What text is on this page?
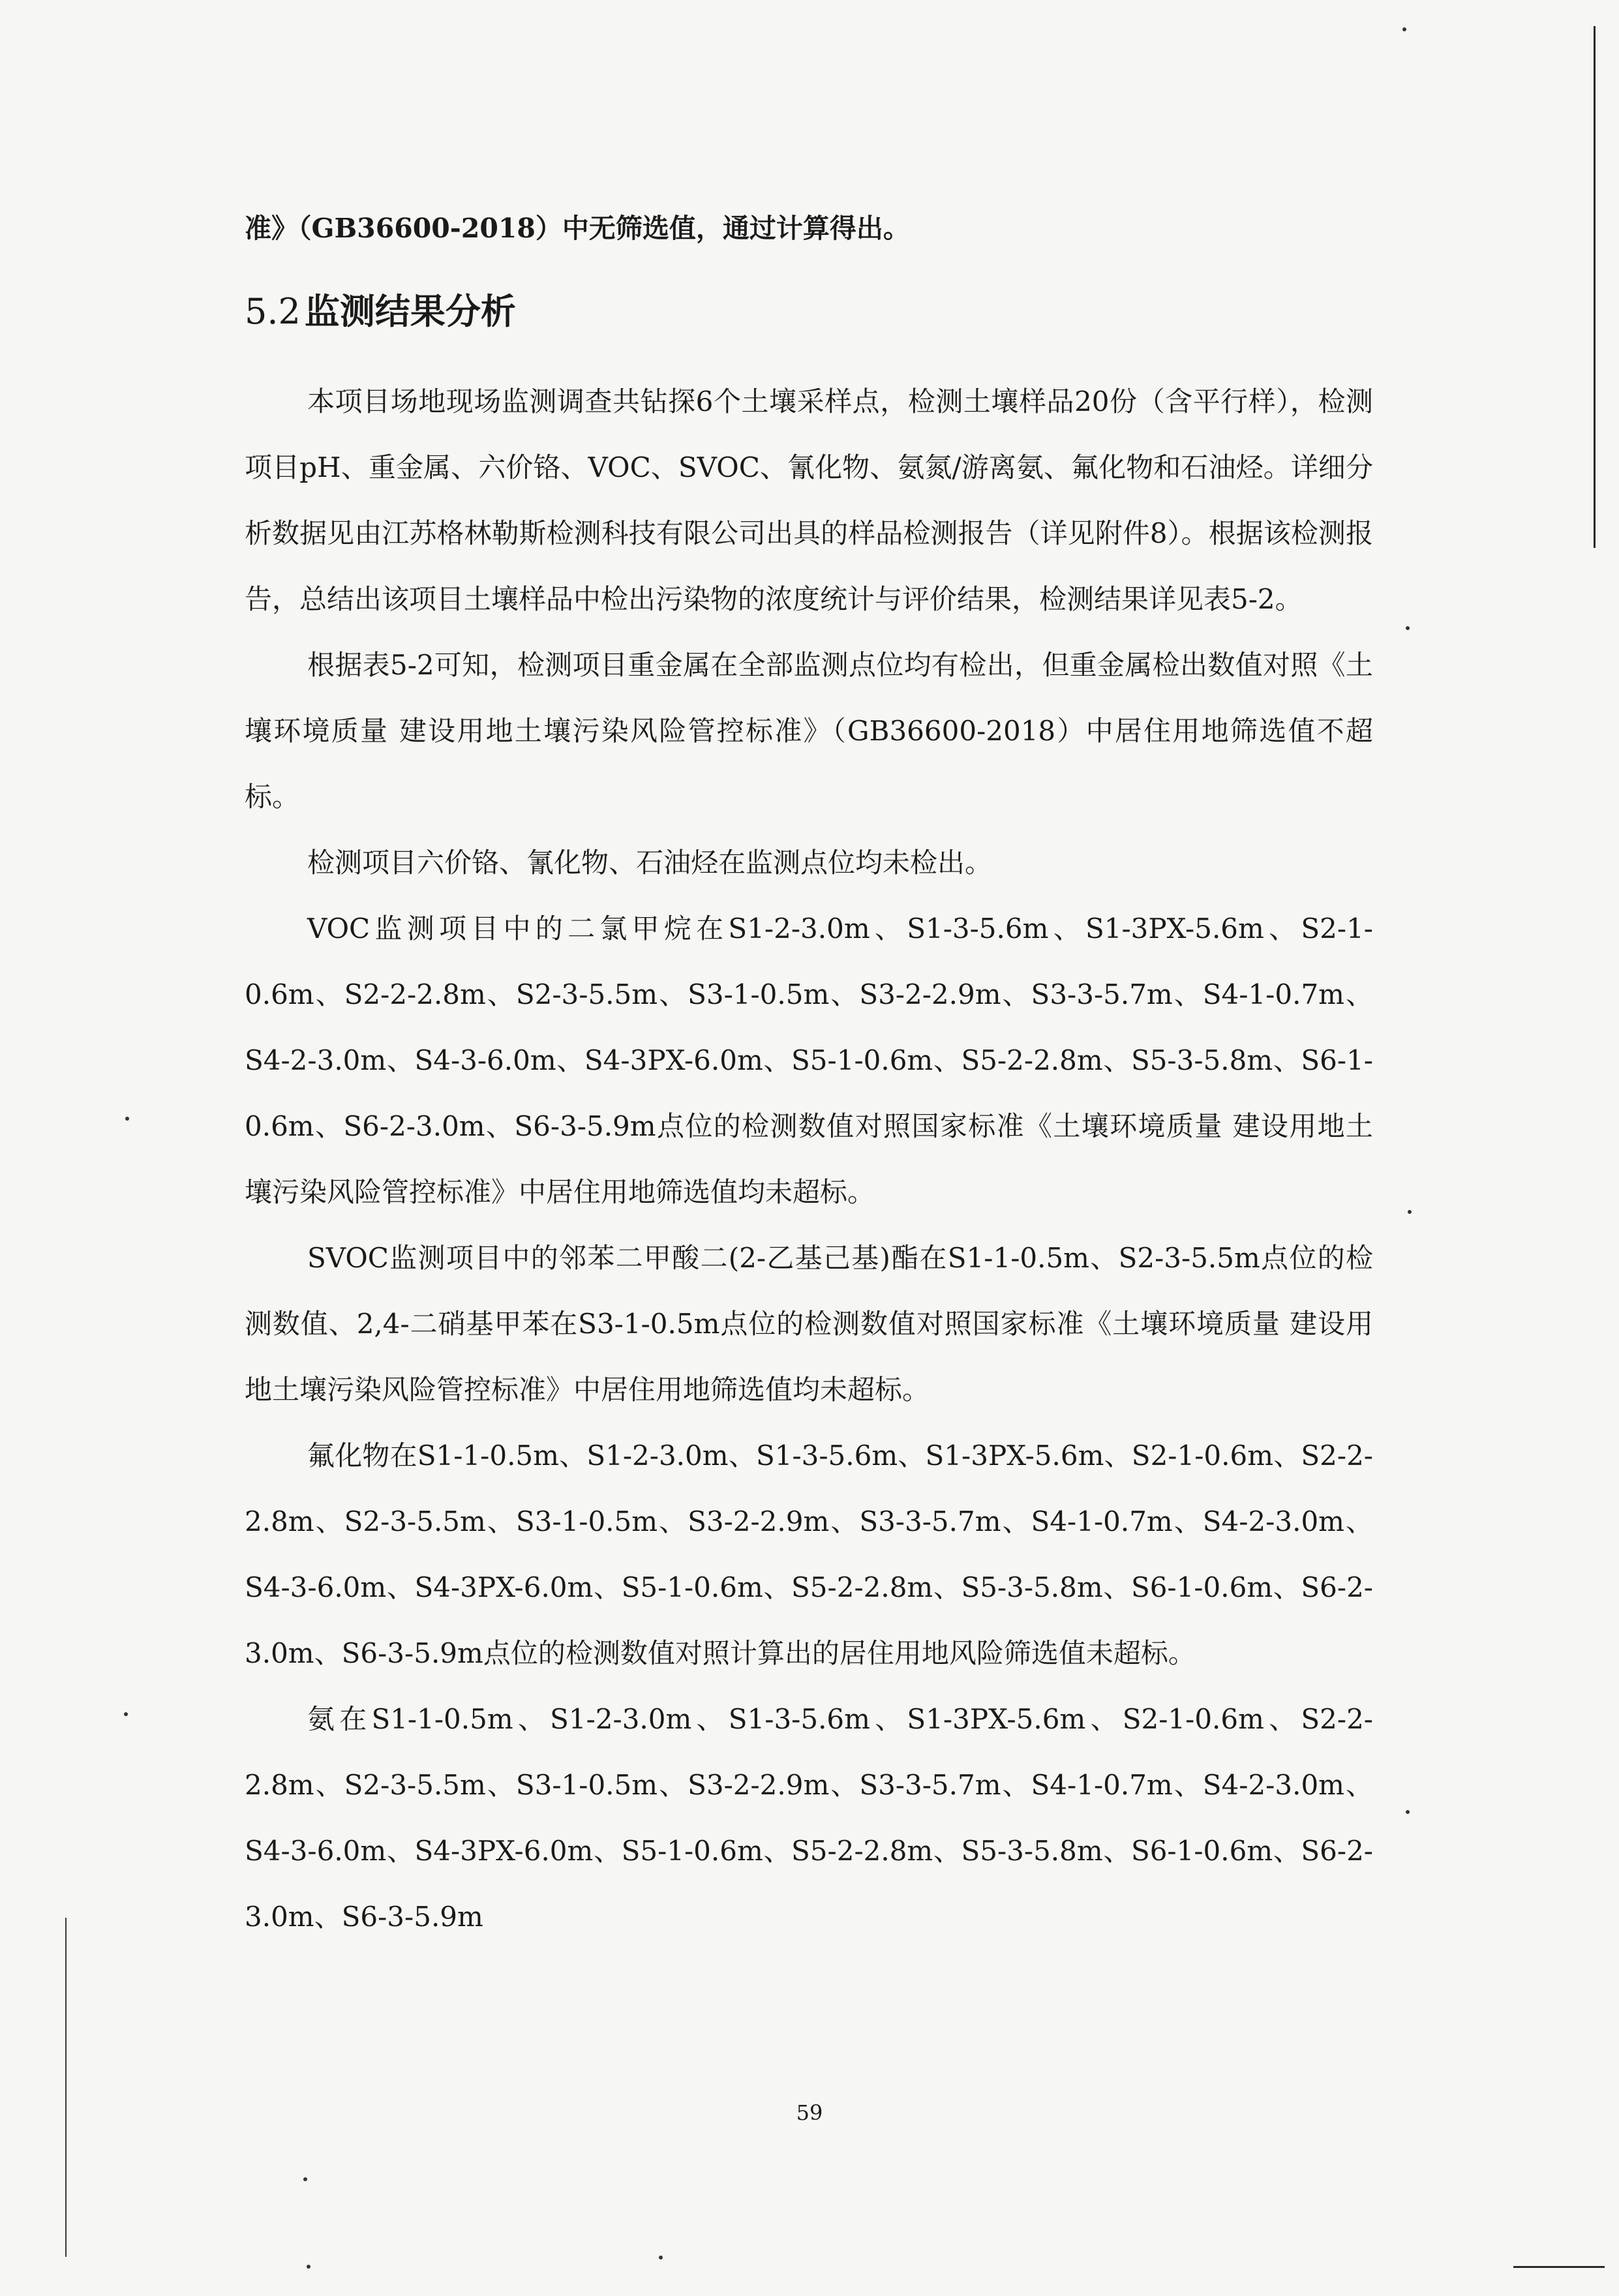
准》（GB36600-2018）中无筛选值，通过计算得出。

5.2 监测结果分析

本项目场地现场监测调查共钻探6个土壤采样点，检测土壤样品20份（含平行样），检测项目pH、重金属、六价铬、VOC、SVOC、氰化物、氨氮/游离氨、氟化物和石油烃。详细分析数据见由江苏格林勒斯检测科技有限公司出具的样品检测报告（详见附件8）。根据该检测报告，总结出该项目土壤样品中检出污染物的浓度统计与评价结果，检测结果详见表5-2。

根据表5-2可知，检测项目重金属在全部监测点位均有检出，但重金属检出数值对照《土壤环境质量 建设用地土壤污染风险管控标准》（GB36600-2018）中居住用地筛选值不超标。

检测项目六价铬、氰化物、石油烃在监测点位均未检出。

VOC监测项目中的二氯甲烷在S1-2-3.0m、S1-3-5.6m、S1-3PX-5.6m、S2-1-0.6m、S2-2-2.8m、S2-3-5.5m、S3-1-0.5m、S3-2-2.9m、S3-3-5.7m、S4-1-0.7m、S4-2-3.0m、S4-3-6.0m、S4-3PX-6.0m、S5-1-0.6m、S5-2-2.8m、S5-3-5.8m、S6-1-0.6m、S6-2-3.0m、S6-3-5.9m点位的检测数值对照国家标准《土壤环境质量 建设用地土壤污染风险管控标准》中居住用地筛选值均未超标。

SVOC监测项目中的邻苯二甲酸二(2-乙基己基)酯在S1-1-0.5m、S2-3-5.5m点位的检测数值、2,4-二硝基甲苯在S3-1-0.5m点位的检测数值对照国家标准《土壤环境质量 建设用地土壤污染风险管控标准》中居住用地筛选值均未超标。

氟化物在S1-1-0.5m、S1-2-3.0m、S1-3-5.6m、S1-3PX-5.6m、S2-1-0.6m、S2-2-2.8m、S2-3-5.5m、S3-1-0.5m、S3-2-2.9m、S3-3-5.7m、S4-1-0.7m、S4-2-3.0m、S4-3-6.0m、S4-3PX-6.0m、S5-1-0.6m、S5-2-2.8m、S5-3-5.8m、S6-1-0.6m、S6-2-3.0m、S6-3-5.9m点位的检测数值对照计算出的居住用地风险筛选值未超标。

氨在S1-1-0.5m、S1-2-3.0m、S1-3-5.6m、S1-3PX-5.6m、S2-1-0.6m、S2-2-2.8m、S2-3-5.5m、S3-1-0.5m、S3-2-2.9m、S3-3-5.7m、S4-1-0.7m、S4-2-3.0m、S4-3-6.0m、S4-3PX-6.0m、S5-1-0.6m、S5-2-2.8m、S5-3-5.8m、S6-1-0.6m、S6-2-3.0m、S6-3-5.9m

59
